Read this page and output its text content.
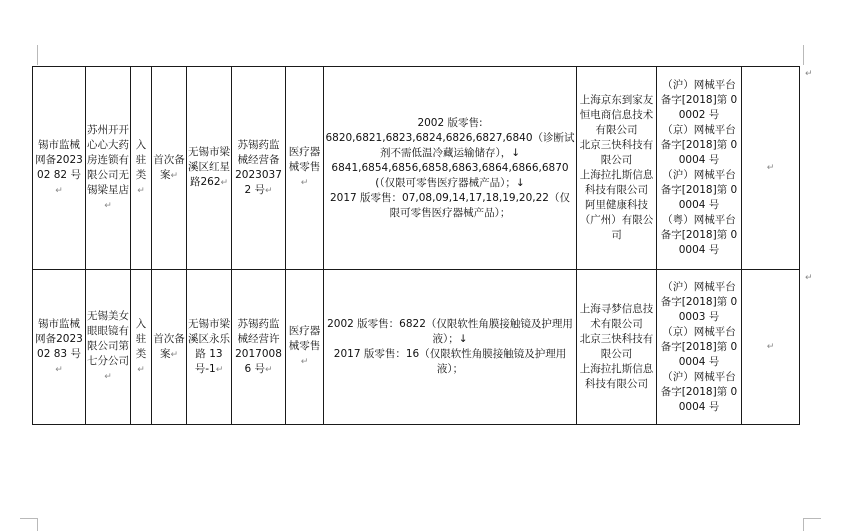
锡市监械网备202302 82 号↵	苏州开开心心大药房连锁有限公司无锡梁星店↵	入驻类↵	首次备案↵	无锡市梁溪区红星路262↵	苏锡药监械经营备 2023037 2 号↵	医疗器械零售↵	2002 版零售:
6820,6821,6823,6824,6826,6827,6840（诊断试剂不需低温冷藏运输储存），↓
6841,6854,6856,6858,6863,6864,6866,6870(（仅限可零售医疗器械产品）；↓
2017 版零售：07,08,09,14,17,18,19,20,22（仅限可零售医疗器械产品）；	上海京东到家友恒电商信息技术有限公司
北京三快科技有限公司
上海拉扎斯信息科技有限公司
阿里健康科技（广州）有限公司	（沪）网械平台备字[2018]第 00002 号
（京）网械平台备字[2018]第 00004 号
（沪）网械平台备字[2018]第 00004 号
（粤）网械平台备字[2018]第 00004 号	↵
锡市监械网备202302 83 号↵	无锡美女眼眼镜有限公司第七分公司↵	入驻类↵	首次备案↵	无锡市梁溪区永乐路 13 号-1↵	苏锡药监械经营许 2017008 6 号↵	医疗器械零售↵	2002 版零售：6822（仅限软性角膜接触镜及护理用液）；↓
2017 版零售：16（仅限软性角膜接触镜及护理用液）；	上海寻梦信息技术有限公司
北京三快科技有限公司
上海拉扎斯信息科技有限公司	（沪）网械平台备字[2018]第 00003 号
（京）网械平台备字[2018]第 00004 号
（沪）网械平台备字[2018]第 00004 号	↵
↵
↵
